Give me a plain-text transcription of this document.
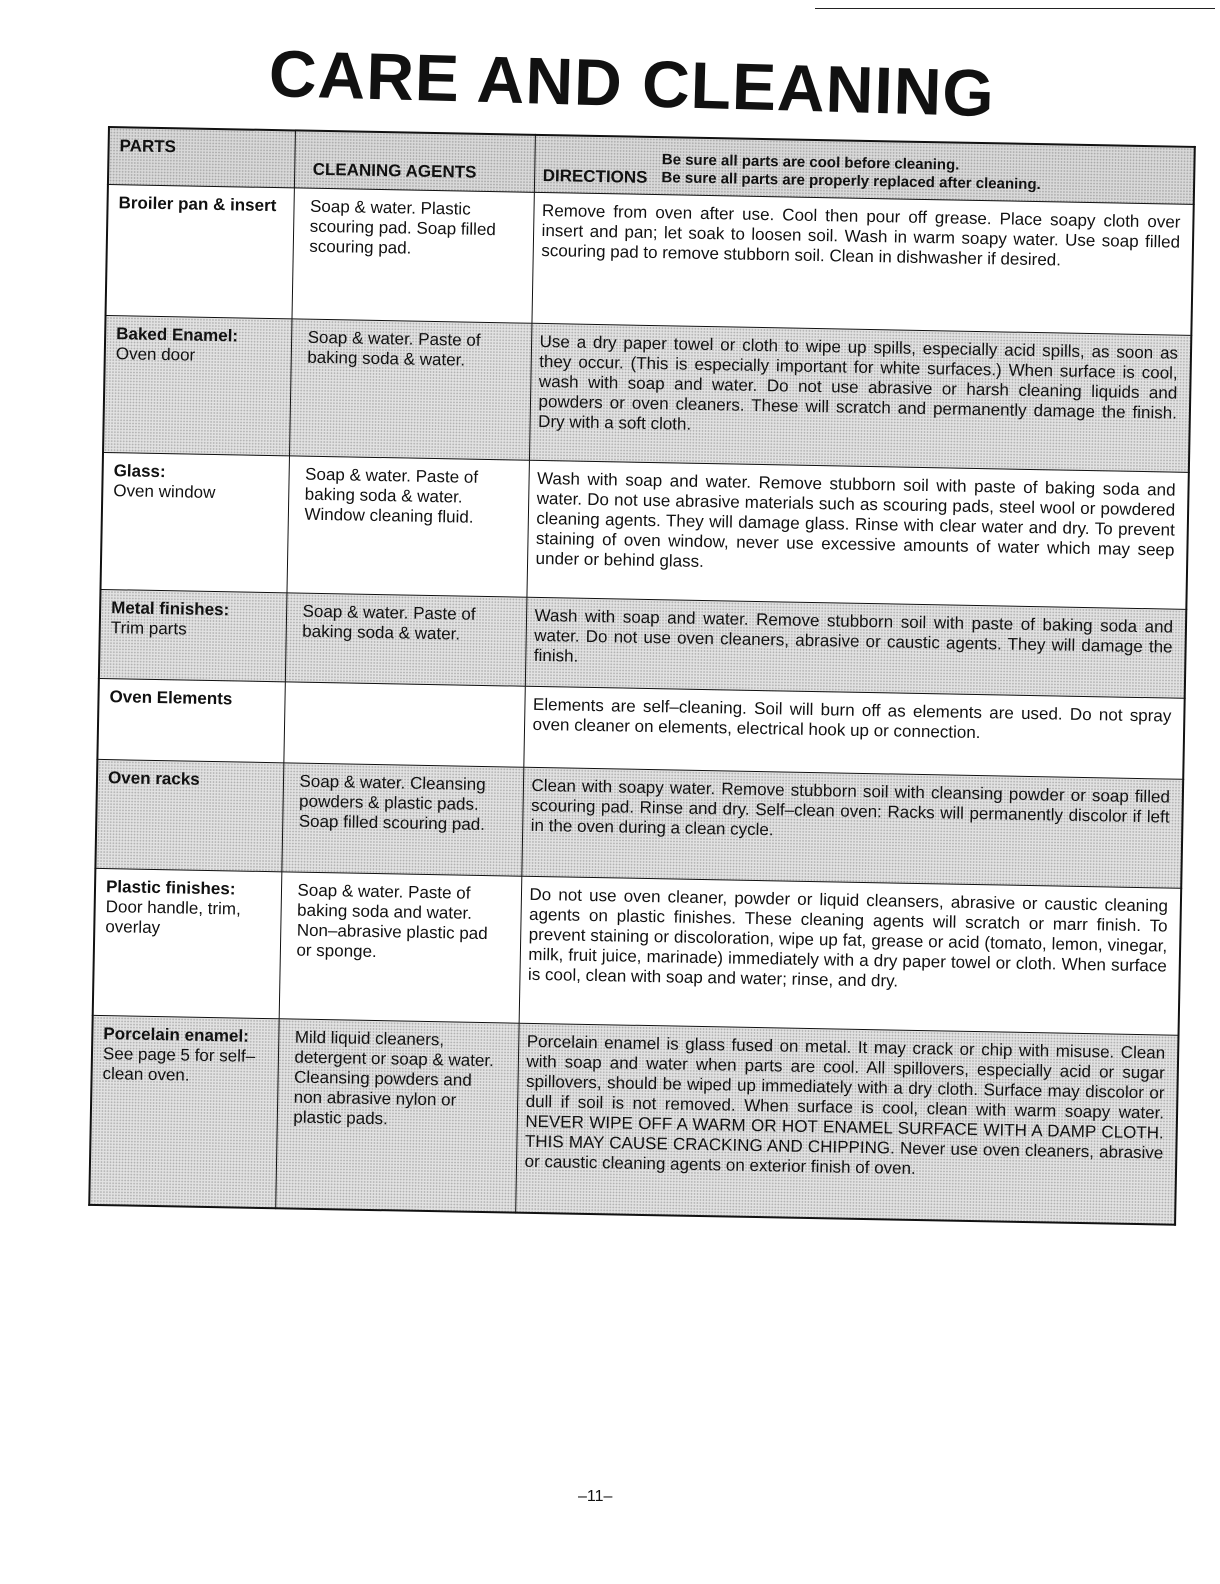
CARE AND CLEANING
PARTS	CLEANING AGENTS	DIRECTIONS
Be sure all parts are cool before cleaning.
Be sure all parts are properly replaced after cleaning.

Broiler pan & insert	Soap & water. Plastic scouring pad. Soap filled scouring pad.	Remove from oven after use. Cool then pour off grease. Place soapy cloth over insert and pan; let soak to loosen soil. Wash in warm soapy water. Use soap filled scouring pad to remove stubborn soil. Clean in dishwasher if desired.

Baked Enamel:
Oven door	Soap & water. Paste of baking soda & water.	Use a dry paper towel or cloth to wipe up spills, especially acid spills, as soon as they occur. (This is especially important for white surfaces.) When surface is cool, wash with soap and water. Do not use abrasive or harsh cleaning liquids and powders or oven cleaners. These will scratch and permanently damage the finish. Dry with a soft cloth.

Glass:
Oven window	Soap & water. Paste of baking soda & water. Window cleaning fluid.	Wash with soap and water. Remove stubborn soil with paste of baking soda and water. Do not use abrasive materials such as scouring pads, steel wool or powdered cleaning agents. They will damage glass. Rinse with clear water and dry. To prevent staining of oven window, never use excessive amounts of water which may seep under or behind glass.

Metal finishes:
Trim parts	Soap & water. Paste of baking soda & water.	Wash with soap and water. Remove stubborn soil with paste of baking soda and water. Do not use oven cleaners, abrasive or caustic agents. They will damage the finish.

Oven Elements		Elements are self–cleaning. Soil will burn off as elements are used. Do not spray oven cleaner on elements, electrical hook up or connection.

Oven racks	Soap & water. Cleansing powders & plastic pads. Soap filled scouring pad.	Clean with soapy water. Remove stubborn soil with cleansing powder or soap filled scouring pad. Rinse and dry. Self–clean oven: Racks will permanently discolor if left in the oven during a clean cycle.

Plastic finishes:
Door handle, trim, overlay	Soap & water. Paste of baking soda and water. Non–abrasive plastic pad or sponge.	Do not use oven cleaner, powder or liquid cleansers, abrasive or caustic cleaning agents on plastic finishes. These cleaning agents will scratch or marr finish. To prevent staining or discoloration, wipe up fat, grease or acid (tomato, lemon, vinegar, milk, fruit juice, marinade) immediately with a dry paper towel or cloth. When surface is cool, clean with soap and water; rinse, and dry.

Porcelain enamel:
See page 5 for self–clean oven.	Mild liquid cleaners, detergent or soap & water. Cleansing powders and non abrasive nylon or plastic pads.	Porcelain enamel is glass fused on metal. It may crack or chip with misuse. Clean with soap and water when parts are cool. All spillovers, especially acid or sugar spillovers, should be wiped up immediately with a dry cloth. Surface may discolor or dull if soil is not removed. When surface is cool, clean with warm soapy water. NEVER WIPE OFF A WARM OR HOT ENAMEL SURFACE WITH A DAMP CLOTH. THIS MAY CAUSE CRACKING AND CHIPPING. Never use oven cleaners, abrasive or caustic cleaning agents on exterior finish of oven.
–11–
